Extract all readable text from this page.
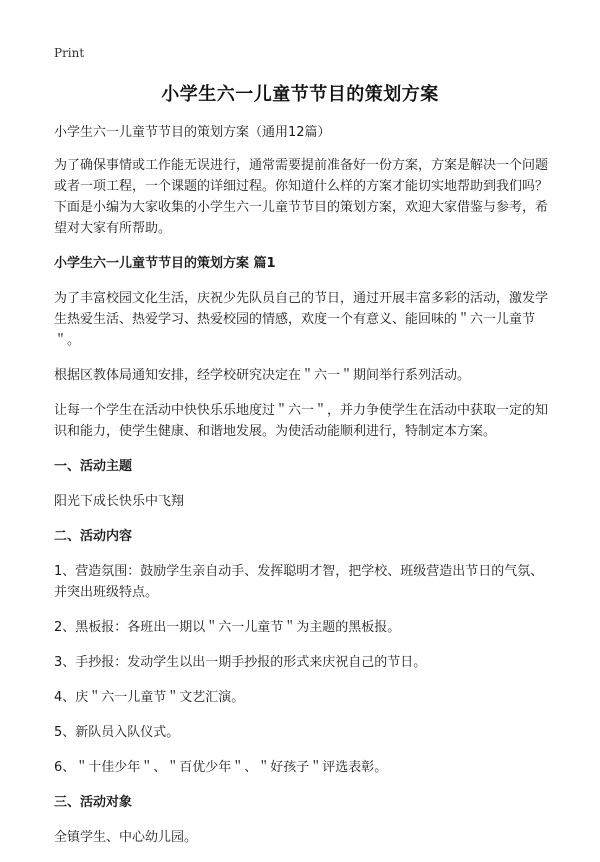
Print
小学生六一儿童节节目的策划方案
小学生六一儿童节节目的策划方案（通用12篇）
为了确保事情或工作能无误进行，通常需要提前准备好一份方案，方案是解决一个问题或者一项工程，一个课题的详细过程。你知道什么样的方案才能切实地帮助到我们吗？下面是小编为大家收集的小学生六一儿童节节目的策划方案，欢迎大家借鉴与参考，希望对大家有所帮助。
小学生六一儿童节节目的策划方案 篇1
为了丰富校园文化生活，庆祝少先队员自己的节日，通过开展丰富多彩的活动，激发学生热爱生活、热爱学习、热爱校园的情感，欢度一个有意义、能回味的＂六一儿童节＂。
根据区教体局通知安排，经学校研究决定在＂六一＂期间举行系列活动。
让每一个学生在活动中快快乐乐地度过＂六一＂，并力争使学生在活动中获取一定的知识和能力，使学生健康、和谐地发展。为使活动能顺利进行，特制定本方案。
一、活动主题
阳光下成长快乐中飞翔
二、活动内容
1、营造氛围：鼓励学生亲自动手、发挥聪明才智，把学校、班级营造出节日的气氛、并突出班级特点。
2、黑板报：各班出一期以＂六一儿童节＂为主题的黑板报。
3、手抄报：发动学生以出一期手抄报的形式来庆祝自己的节日。
4、庆＂六一儿童节＂文艺汇演。
5、新队员入队仪式。
6、＂十佳少年＂、＂百优少年＂、＂好孩子＂评选表彰。
三、活动对象
全镇学生、中心幼儿园。
